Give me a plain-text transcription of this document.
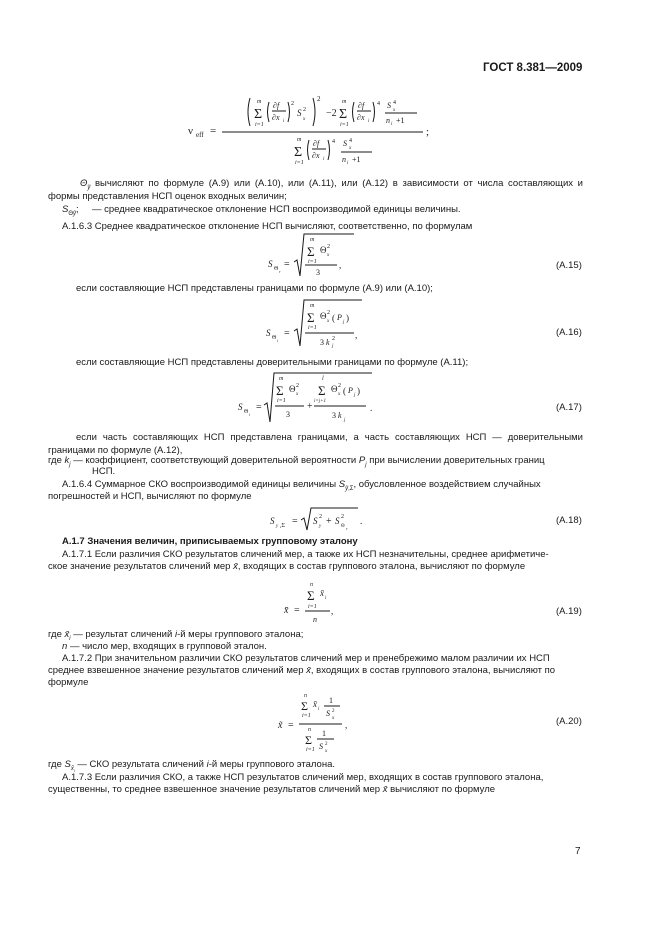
ГОСТ 8.381—2009
ν eff =
Σ
m
i=1
∂f
∂x i
2
S 2
x
2
−2 Σ
m
i=1
∂f
∂x i
4 S 4
x
n i +1
;
Σ
m
i=1
∂f
∂x i
4 S 4
x
n i +1
$\Theta_ỹ$ вычисляют по формуле (А.9) или (А.10), или (А.11), или (А.12) в зависимости от числа составляющих и формы представления НСП оценок входных величин;
$S_{\Theta ỹ}$; — среднее квадратическое отклонение НСП воспроизводимой единицы величины.
А.1.6.3 Среднее квадратическое отклонение НСП вычисляют, соответственно, по формулам
S Θ r
=
Σ
m
i=1
Θ 2
x
3
,	(А.15)
если составляющие НСП представлены границами по формуле (А.9) или (А.10);
S Θ i
=
Σ
m
i=1
Θ 2
x ( P
j )
3 k 2
j
,	(А.16)
если составляющие НСП представлены доверительными границами по формуле (А.11);
S Θ i
=
Σ
m
i=1
Θ 2
x
3
+
Σ
l
i=j+1
Θ 2
x ( P
j )
3 k
j
.	(А.17)
если часть составляющих НСП представлена границами, а часть составляющих НСП — доверительными границами по формуле (А.12),
где $k_j$ — коэффициент, соответствующий доверительной вероятности $P_j$ при вычислении доверительных границ
НСП.
А.1.6.4 Суммарное СКО воспроизводимой единицы величины $S_{ỹ,\Sigma}$, обусловленное воздействием случайных
погрешностей и НСП, вычисляют по формуле
S
y ,Σ = S 2
y + S 2
Θ r
.	(А.18)
А.1.7 Значения величин, приписываемых групповому эталону
А.1.7.1 Если различия СКО результатов сличений мер, а также их НСП незначительны, среднее арифметиче-
ское значение результатов сличений мер x̄, входящих в состав группового эталона, вычисляют по формуле
x̄ =
Σ
n
i=1
x̄
i
n
,	(А.19)
где $x̄_i$ — результат сличений i-й меры группового эталона;
n — число мер, входящих в групповой эталон.
А.1.7.2 При значительном различии СКО результатов сличений мер и пренебрежимо малом различии их НСП
среднее взвешенное значение результатов сличений мер x̄, входящих в состав группового эталона, вычисляют по
формуле
x̃ =
Σ
n
i=1
x̄
i
1
S 2
x
Σ
n
i=1
1
S 2
x
,	(А.20)
где $S_{x̄_i}$ — СКО результата сличений i-й меры группового эталона.
А.1.7.3 Если различия СКО, а также НСП результатов сличений мер, входящих в состав группового эталона,
существенны, то среднее взвешенное значение результатов сличений мер x̄ вычисляют по формуле
7
